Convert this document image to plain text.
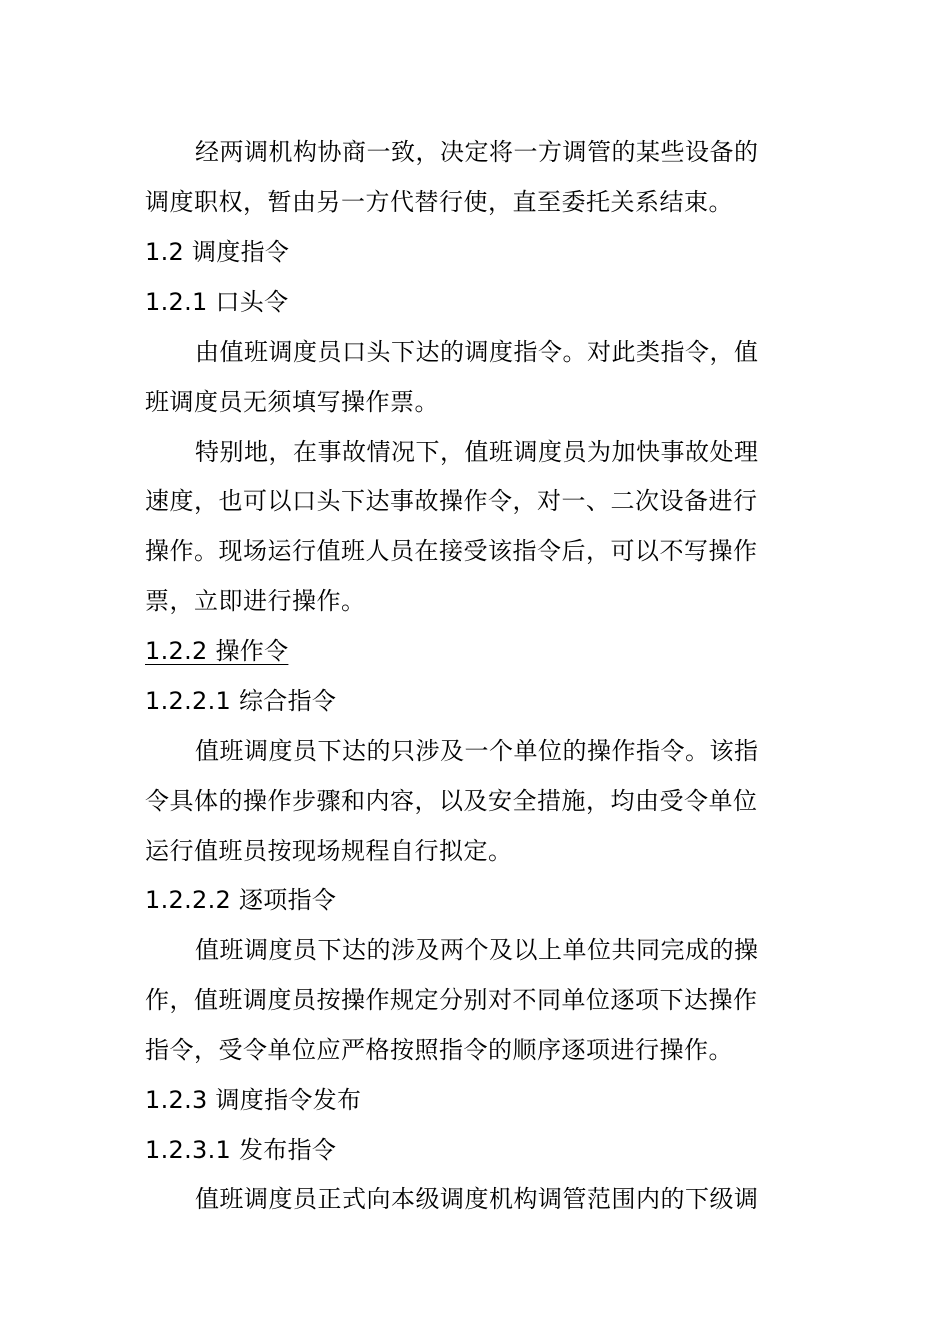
经两调机构协商一致，决定将一方调管的某些设备的
调度职权，暂由另一方代替行使，直至委托关系结束。
1.2 调度指令
1.2.1 口头令
由值班调度员口头下达的调度指令。对此类指令，值
班调度员无须填写操作票。
特别地，在事故情况下，值班调度员为加快事故处理
速度，也可以口头下达事故操作令，对一、二次设备进行
操作。现场运行值班人员在接受该指令后，可以不写操作
票，立即进行操作。
1.2.2 操作令
1.2.2.1 综合指令
值班调度员下达的只涉及一个单位的操作指令。该指
令具体的操作步骤和内容，以及安全措施，均由受令单位
运行值班员按现场规程自行拟定。
1.2.2.2 逐项指令
值班调度员下达的涉及两个及以上单位共同完成的操
作，值班调度员按操作规定分别对不同单位逐项下达操作
指令，受令单位应严格按照指令的顺序逐项进行操作。
1.2.3 调度指令发布
1.2.3.1 发布指令
值班调度员正式向本级调度机构调管范围内的下级调
